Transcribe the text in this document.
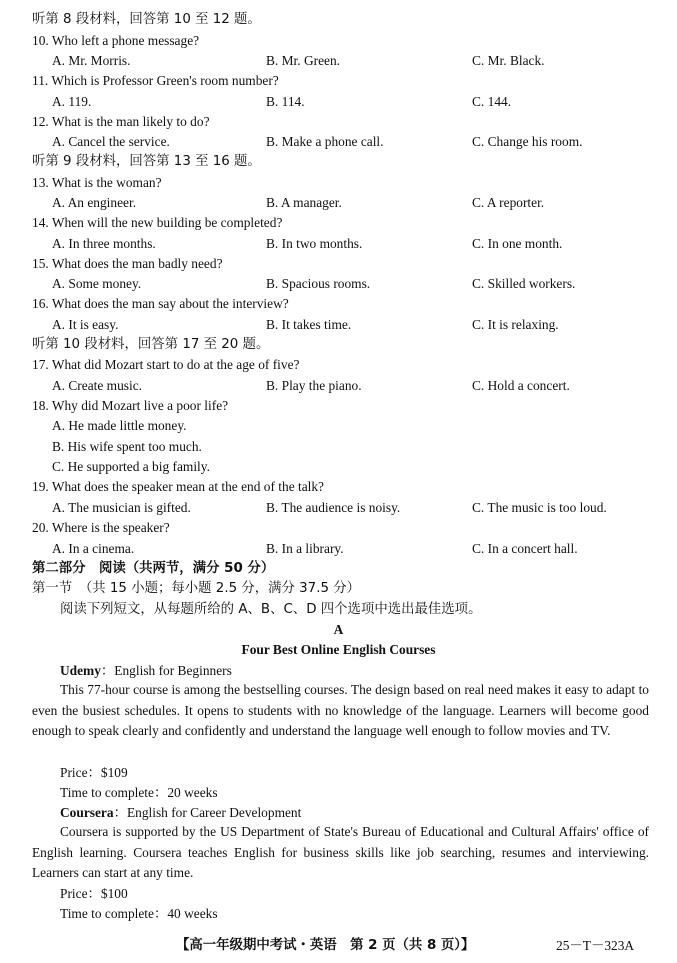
听第 8 段材料，回答第 10 至 12 题。
10. Who left a phone message?
A. Mr. Morris.	B. Mr. Green.	C. Mr. Black.
11. Which is Professor Green's room number?
A. 119.	B. 114.	C. 144.
12. What is the man likely to do?
A. Cancel the service.	B. Make a phone call.	C. Change his room.
听第 9 段材料，回答第 13 至 16 题。
13. What is the woman?
A. An engineer.	B. A manager.	C. A reporter.
14. When will the new building be completed?
A. In three months.	B. In two months.	C. In one month.
15. What does the man badly need?
A. Some money.	B. Spacious rooms.	C. Skilled workers.
16. What does the man say about the interview?
A. It is easy.	B. It takes time.	C. It is relaxing.
听第 10 段材料，回答第 17 至 20 题。
17. What did Mozart start to do at the age of five?
A. Create music.	B. Play the piano.	C. Hold a concert.
18. Why did Mozart live a poor life?
A. He made little money.
B. His wife spent too much.
C. He supported a big family.
19. What does the speaker mean at the end of the talk?
A. The musician is gifted.	B. The audience is noisy.	C. The music is too loud.
20. Where is the speaker?
A. In a cinema.	B. In a library.	C. In a concert hall.
第二部分　阅读（共两节，满分 50 分）
第一节　（共 15 小题；每小题 2.5 分，满分 37.5 分）
阅读下列短文，从每题所给的 A、B、C、D 四个选项中选出最佳选项。
A
Four Best Online English Courses
Udemy：English for Beginners
This 77-hour course is among the bestselling courses. The design based on real need makes it easy to adapt to even the busiest schedules. It opens to students with no knowledge of the language. Learners will become good enough to speak clearly and confidently and understand the language well enough to follow movies and TV.
Price：$109
Time to complete：20 weeks
Coursera：English for Career Development
Coursera is supported by the US Department of State's Bureau of Educational and Cultural Affairs' office of English learning. Coursera teaches English for business skills like job searching, resumes and interviewing. Learners can start at any time.
Price：$100
Time to complete：40 weeks
【高一年级期中考试・英语　第 2 页（共 8 页）】	25－T－323A
